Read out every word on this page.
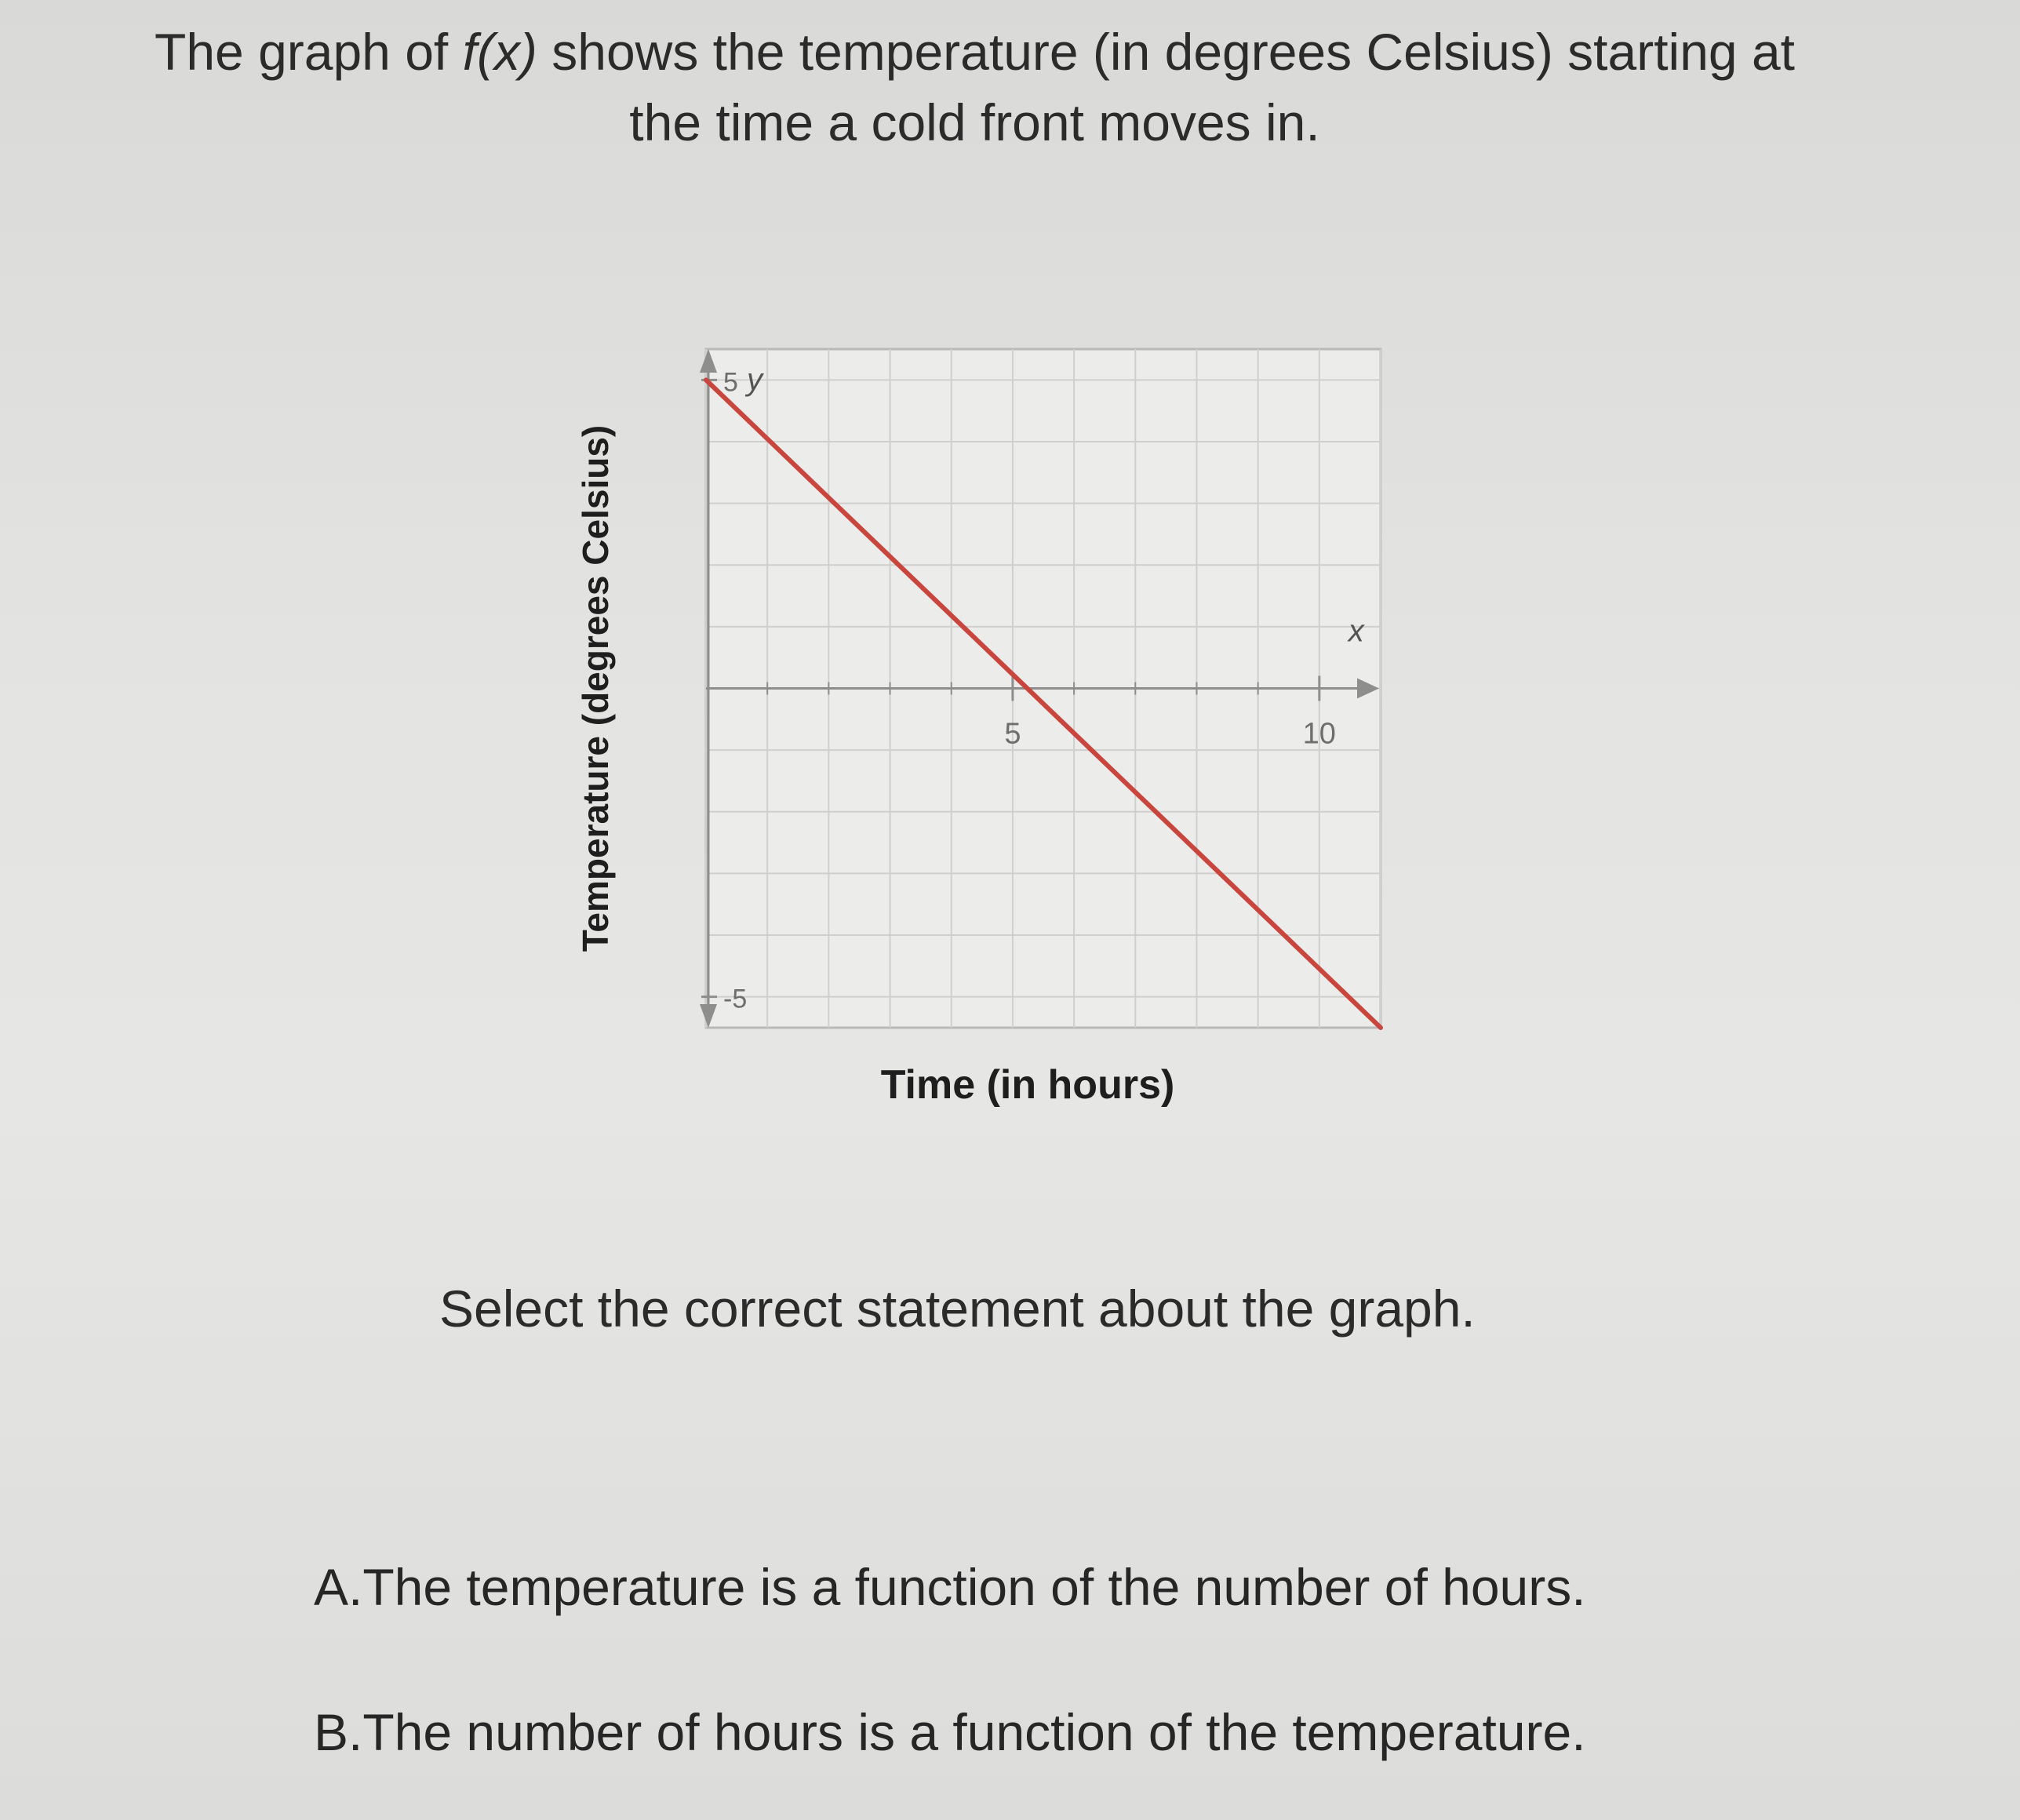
The graph of f(x) shows the temperature (in degrees Celsius) starting at
the time a cold front moves in.
5	10
5
-5
x
y
Time (in hours)
Temperature (degrees Celsius)
Select the correct statement about the graph.
A.The temperature is a function of the number of hours.
B.The number of hours is a function of the temperature.
